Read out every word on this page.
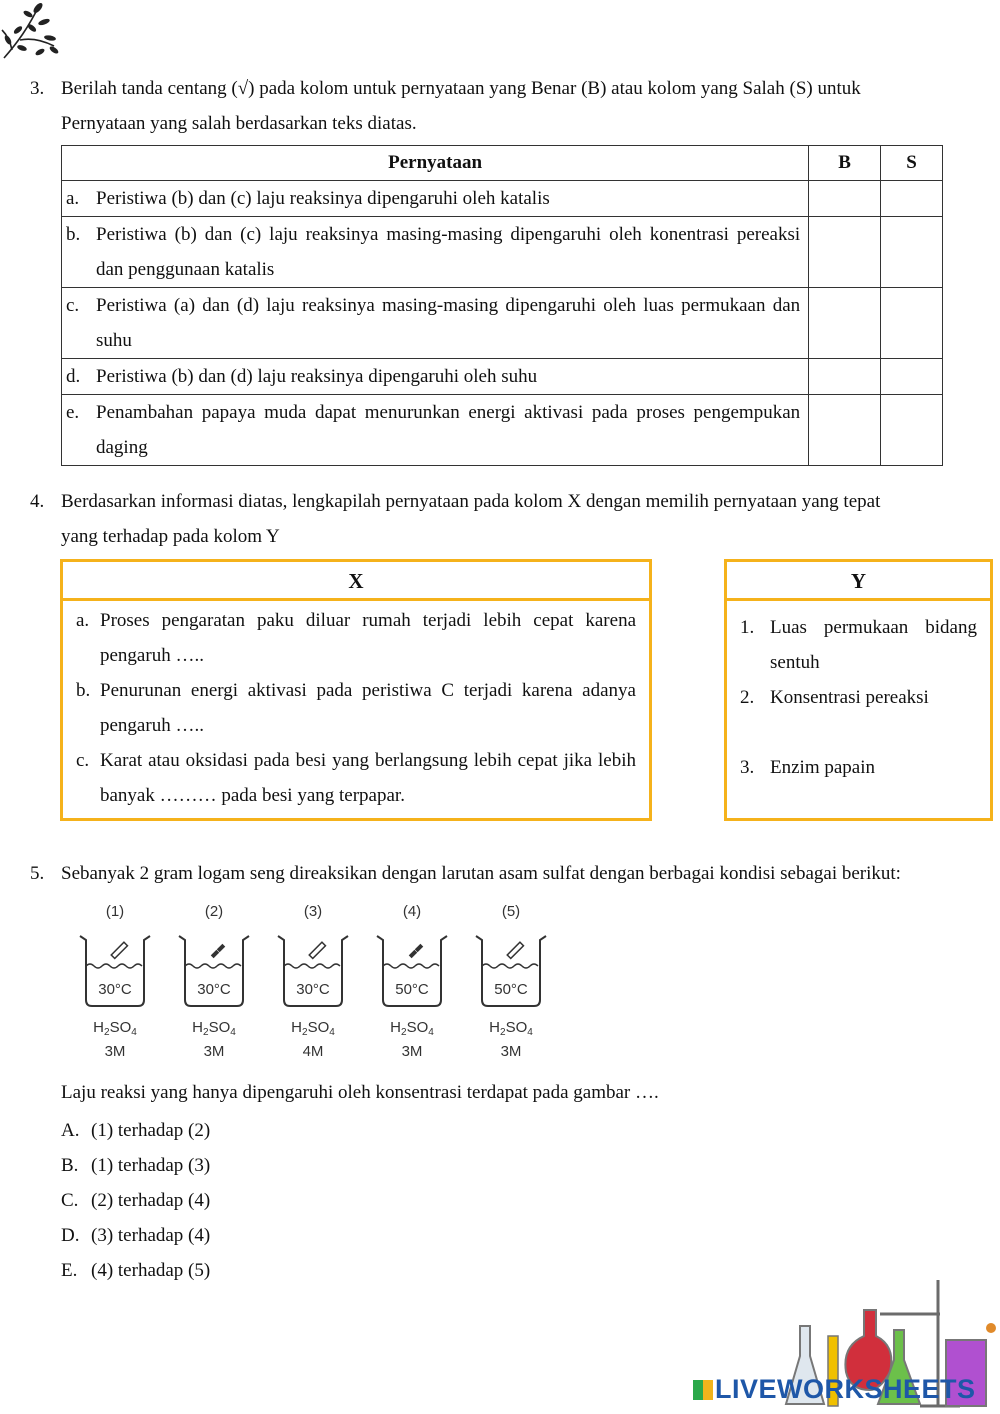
3. Berilah tanda centang (√) pada kolom untuk pernyataan yang Benar (B) atau kolom yang Salah (S) untuk
Pernyataan yang salah berdasarkan teks diatas.
Pernyataan	B	S

a. Peristiwa (b) dan (c) laju reaksinya dipengaruhi oleh katalis		

b. Peristiwa (b) dan (c) laju reaksinya masing-masing dipengaruhi oleh konentrasi pereaksi dan penggunaan katalis		

c. Peristiwa (a) dan (d) laju reaksinya masing-masing dipengaruhi oleh luas permukaan dan suhu		

d. Peristiwa (b) dan (d) laju reaksinya dipengaruhi oleh suhu		

e. Penambahan papaya muda dapat menurunkan energi aktivasi pada proses pengempukan daging		

4. Berdasarkan informasi diatas, lengkapilah pernyataan pada kolom X dengan memilih pernyataan yang tepat
yang terhadap pada kolom Y
X
a. Proses pengaratan paku diluar rumah terjadi lebih cepat karena pengaruh …..
b. Penurunan energi aktivasi pada peristiwa C terjadi karena adanya pengaruh …..
c. Karat atau oksidasi pada besi yang berlangsung lebih cepat jika lebih banyak ……… pada besi yang terpapar.
Y
1. Luas permukaan bidang sentuh
2. Konsentrasi pereaksi
3. Enzim papain
5. Sebanyak 2 gram logam seng direaksikan dengan larutan asam sulfat dengan berbagai kondisi sebagai berikut:
(1)
30°C
$H_2SO_4$
3M
(2)
30°C
$H_2SO_4$
3M
(3)
30°C
$H_2SO_4$
4M
(4)
50°C
$H_2SO_4$
3M
(5)
50°C
$H_2SO_4$
3M
Laju reaksi yang hanya dipengaruhi oleh konsentrasi terdapat pada gambar ….
A. (1) terhadap (2)
B. (1) terhadap (3)
C. (2) terhadap (4)
D. (3) terhadap (4)
E. (4) terhadap (5)
LIVEWORKSHEETS
